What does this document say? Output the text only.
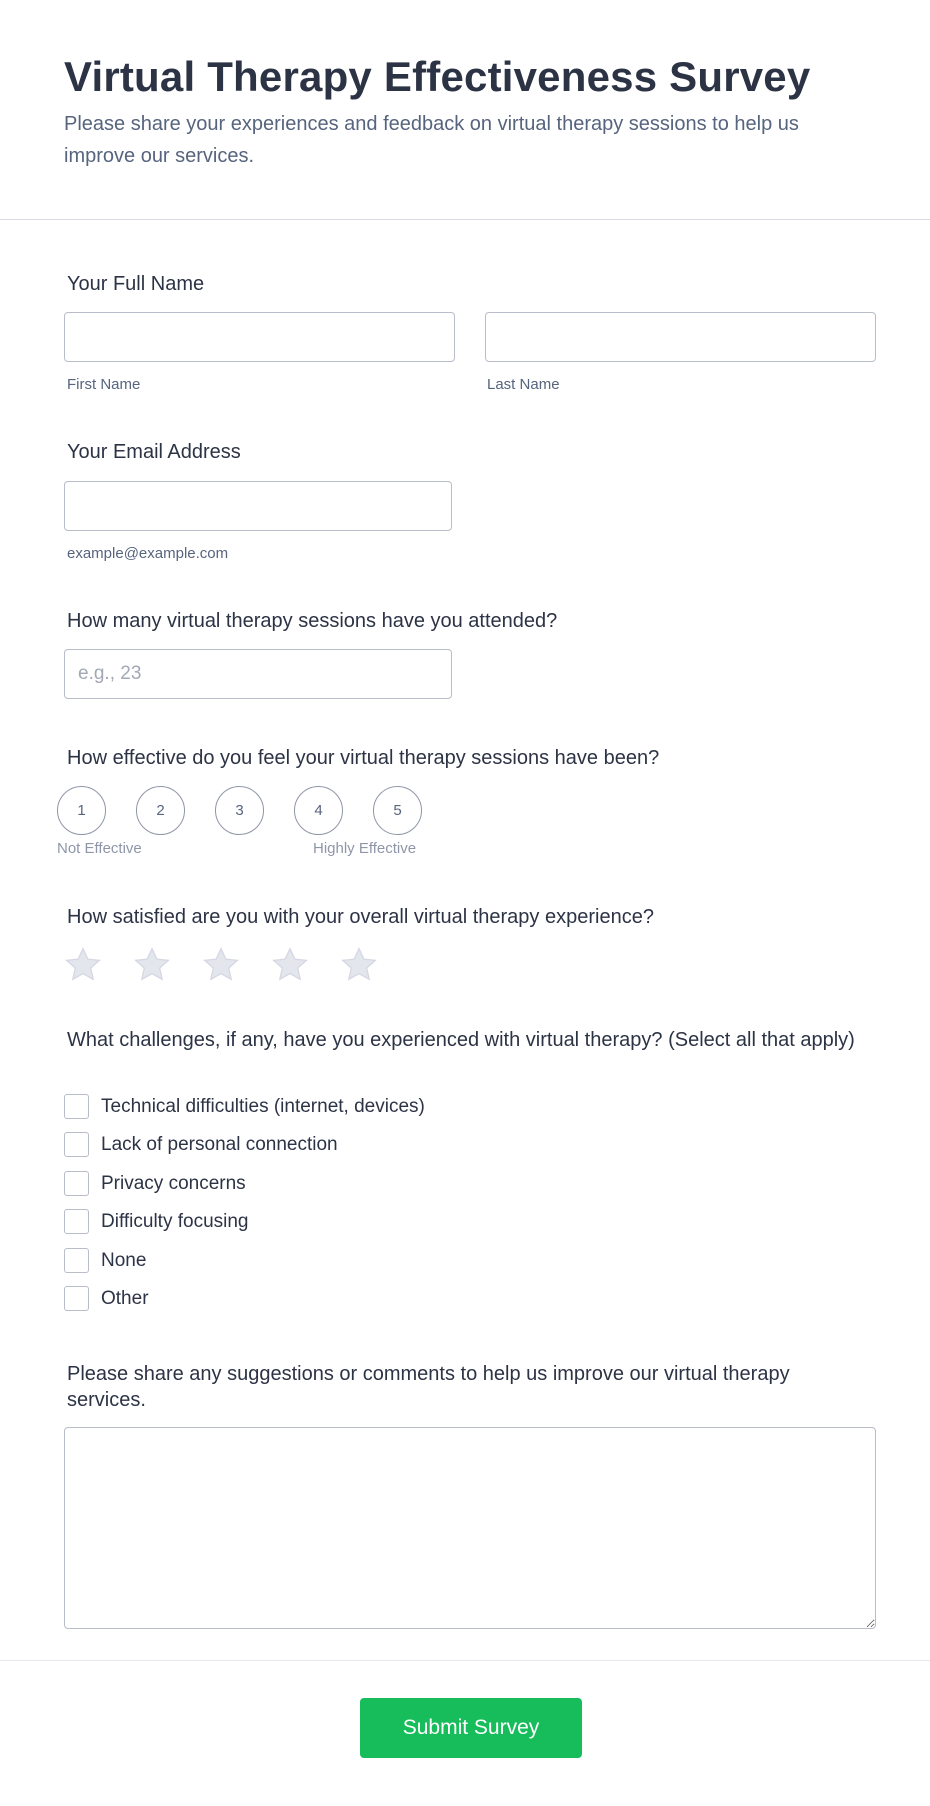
Virtual Therapy Effectiveness Survey

Please share your experiences and feedback on virtual therapy sessions to help us improve our services.

Your Full Name
First Name	Last Name
Your Email Address
example@example.com
How many virtual therapy sessions have you attended?
e.g., 23
How effective do you feel your virtual therapy sessions have been?
1	2	3	4	5
Not Effective	Highly Effective
How satisfied are you with your overall virtual therapy experience?
What challenges, if any, have you experienced with virtual therapy? (Select all that apply)
Technical difficulties (internet, devices)
Lack of personal connection
Privacy concerns
Difficulty focusing
None
Other
Please share any suggestions or comments to help us improve our virtual therapy services.
Submit Survey
